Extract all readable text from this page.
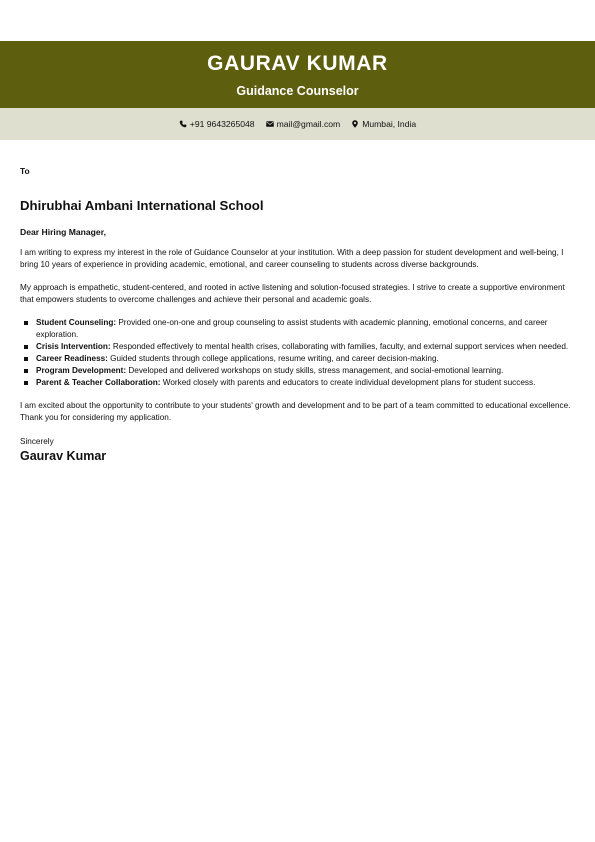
GAURAV KUMAR
Guidance Counselor
+91 9643265048	mail@gmail.com	Mumbai, India
To
Dhirubhai Ambani International School
Dear Hiring Manager,

I am writing to express my interest in the role of Guidance Counselor at your institution. With a deep passion for student development and well-being, I bring 10 years of experience in providing academic, emotional, and career counseling to students across diverse backgrounds.

My approach is empathetic, student-centered, and rooted in active listening and solution-focused strategies. I strive to create a supportive environment that empowers students to overcome challenges and achieve their personal and academic goals.

Student Counseling: Provided one-on-one and group counseling to assist students with academic planning, emotional concerns, and career exploration.
Crisis Intervention: Responded effectively to mental health crises, collaborating with families, faculty, and external support services when needed.
Career Readiness: Guided students through college applications, resume writing, and career decision-making.
Program Development: Developed and delivered workshops on study skills, stress management, and social-emotional learning.
Parent & Teacher Collaboration: Worked closely with parents and educators to create individual development plans for student success.

I am excited about the opportunity to contribute to your students' growth and development and to be part of a team committed to educational excellence. Thank you for considering my application.

Sincerely
Gaurav Kumar
